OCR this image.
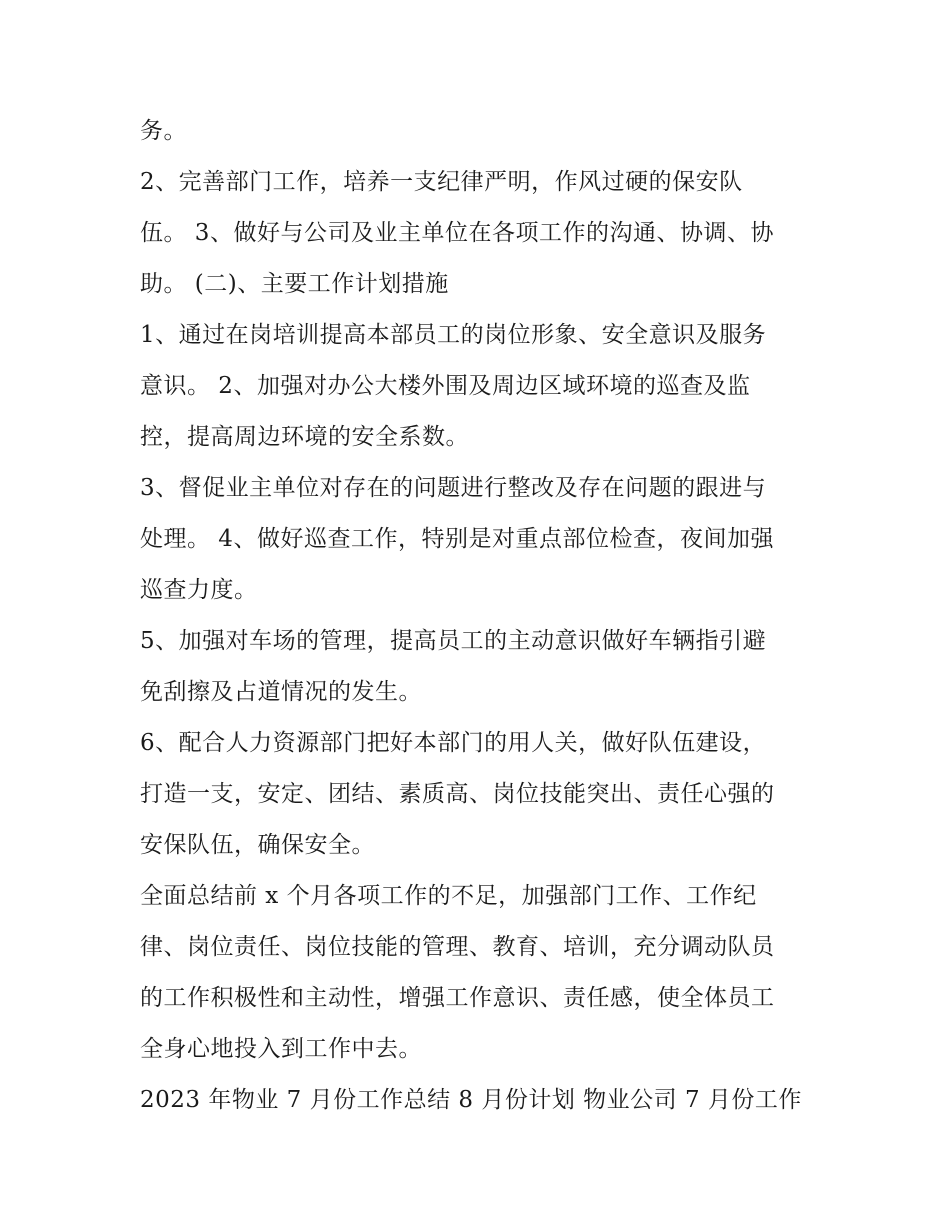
务。
2、完善部门工作，培养一支纪律严明，作风过硬的保安队
伍。 3、做好与公司及业主单位在各项工作的沟通、协调、协
助。 (二)、主要工作计划措施
1、通过在岗培训提高本部员工的岗位形象、安全意识及服务
意识。 2、加强对办公大楼外围及周边区域环境的巡查及监
控，提高周边环境的安全系数。
3、督促业主单位对存在的问题进行整改及存在问题的跟进与
处理。 4、做好巡查工作，特别是对重点部位检查，夜间加强
巡查力度。
5、加强对车场的管理，提高员工的主动意识做好车辆指引避
免刮擦及占道情况的发生。
6、配合人力资源部门把好本部门的用人关，做好队伍建设，
打造一支，安定、团结、素质高、岗位技能突出、责任心强的
安保队伍，确保安全。
全面总结前 x 个月各项工作的不足，加强部门工作、工作纪
律、岗位责任、岗位技能的管理、教育、培训，充分调动队员
的工作积极性和主动性，增强工作意识、责任感，使全体员工
全身心地投入到工作中去。
2023 年物业 7 月份工作总结 8 月份计划 物业公司 7 月份工作
